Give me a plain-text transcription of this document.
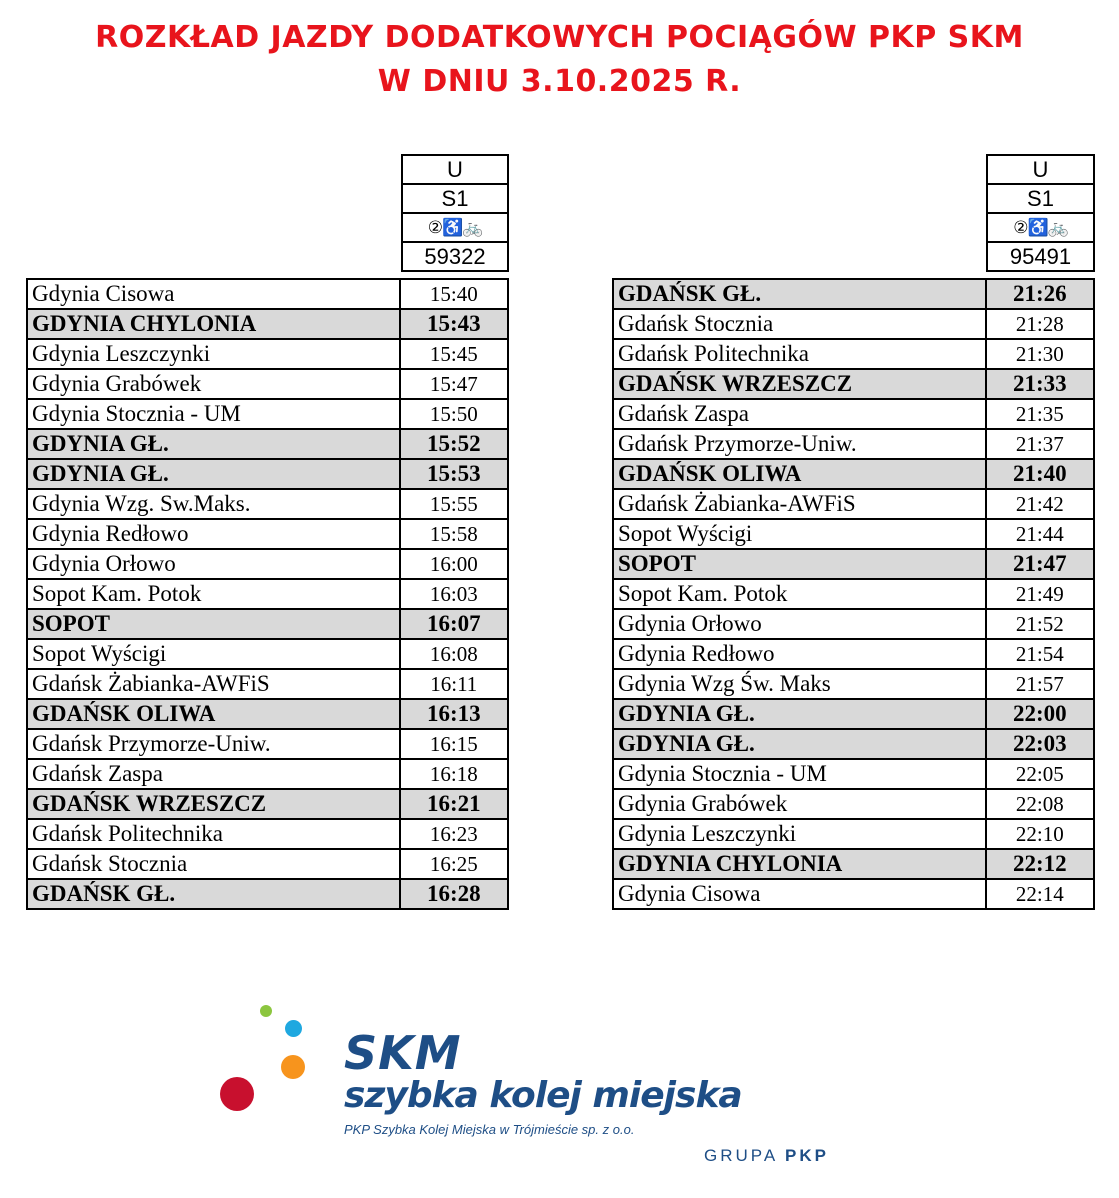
ROZKŁAD JAZDY DODATKOWYCH POCIĄGÓW PKP SKM
W DNIU 3.10.2025 R.
U
S1
②♿🚲
59322
U
S1
②♿🚲
95491
Gdynia Cisowa	15:40
GDYNIA CHYLONIA	15:43
Gdynia Leszczynki	15:45
Gdynia Grabówek	15:47
Gdynia Stocznia - UM	15:50
GDYNIA GŁ.	15:52
GDYNIA GŁ.	15:53
Gdynia Wzg. Sw.Maks.	15:55
Gdynia Redłowo	15:58
Gdynia Orłowo	16:00
Sopot Kam. Potok	16:03
SOPOT	16:07
Sopot Wyścigi	16:08
Gdańsk Żabianka-AWFiS	16:11
GDAŃSK OLIWA	16:13
Gdańsk Przymorze-Uniw.	16:15
Gdańsk Zaspa	16:18
GDAŃSK WRZESZCZ	16:21
Gdańsk Politechnika	16:23
Gdańsk Stocznia	16:25
GDAŃSK GŁ.	16:28
GDAŃSK GŁ.	21:26
Gdańsk Stocznia	21:28
Gdańsk Politechnika	21:30
GDAŃSK WRZESZCZ	21:33
Gdańsk Zaspa	21:35
Gdańsk Przymorze-Uniw.	21:37
GDAŃSK OLIWA	21:40
Gdańsk Żabianka-AWFiS	21:42
Sopot Wyścigi	21:44
SOPOT	21:47
Sopot Kam. Potok	21:49
Gdynia Orłowo	21:52
Gdynia Redłowo	21:54
Gdynia Wzg Św. Maks	21:57
GDYNIA GŁ.	22:00
GDYNIA GŁ.	22:03
Gdynia Stocznia - UM	22:05
Gdynia Grabówek	22:08
Gdynia Leszczynki	22:10
GDYNIA CHYLONIA	22:12
Gdynia Cisowa	22:14
SKM
szybka kolej miejska
PKP Szybka Kolej Miejska w Trójmieście sp. z o.o.
GRUPA PKP
